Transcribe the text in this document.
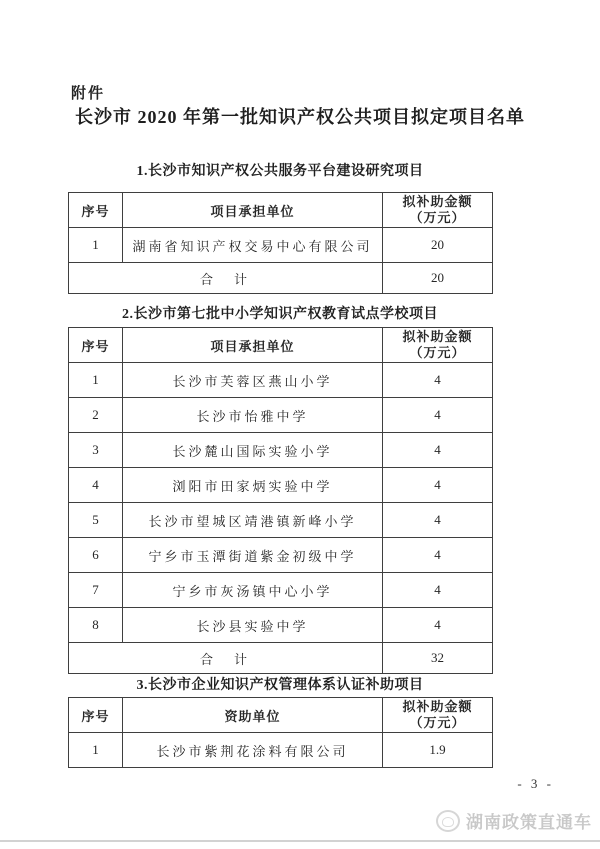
附件
长沙市 2020 年第一批知识产权公共项目拟定项目名单
1.长沙市知识产权公共服务平台建设研究项目
序号	项目承担单位	拟补助金额
（万元）

1	湖南省知识产权交易中心有限公司	20
合　计		20
2.长沙市第七批中小学知识产权教育试点学校项目
序号	项目承担单位	拟补助金额
（万元）

1	长沙市芙蓉区燕山小学	4
2	长沙市怡雅中学	4
3	长沙麓山国际实验小学	4
4	浏阳市田家炳实验中学	4
5	长沙市望城区靖港镇新峰小学	4
6	宁乡市玉潭街道紫金初级中学	4
7	宁乡市灰汤镇中心小学	4
8	长沙县实验中学	4
合　计		32
3.长沙市企业知识产权管理体系认证补助项目
序号	资助单位	拟补助金额
（万元）

1	长沙市紫荆花涂料有限公司	1.9
- 3 -
湖南政策直通车
